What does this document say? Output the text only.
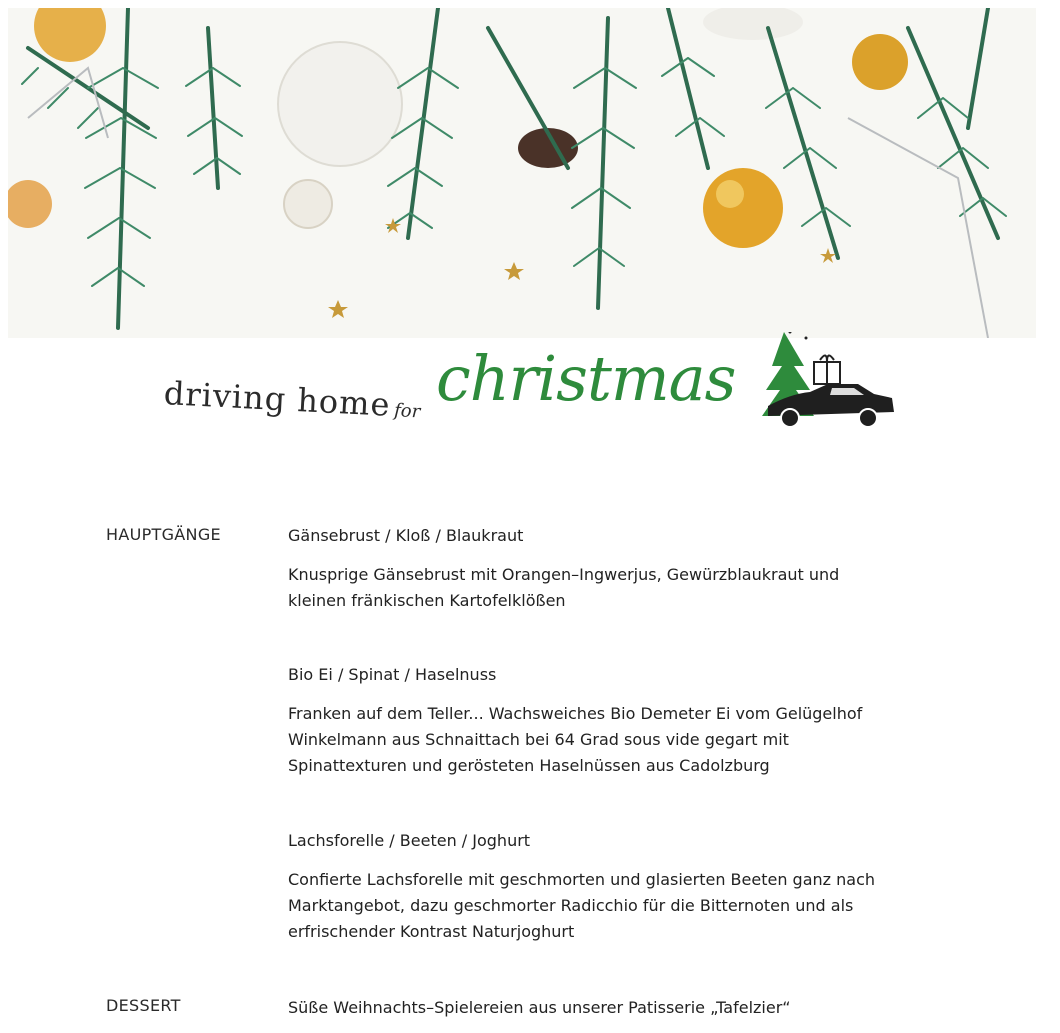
driving home for christmas
HAUPTGÄNGE	Gänsebrust / Kloß / Blaukraut
Knusprige Gänsebrust mit Orangen–Ingwerjus, Gewürzblaukraut und
kleinen fränkischen Kartofelklößen
Bio Ei / Spinat / Haselnuss
Franken auf dem Teller... Wachsweiches Bio Demeter Ei vom Gelügelhof
Winkelmann aus Schnaittach bei 64 Grad sous vide gegart mit
Spinattexturen und gerösteten Haselnüssen aus Cadolzburg
Lachsforelle / Beeten / Joghurt
Confierte Lachsforelle mit geschmorten und glasierten Beeten ganz nach
Marktangebot, dazu geschmorter Radicchio für die Bitternoten und als
erfrischender Kontrast Naturjoghurt
DESSERT	Süße Weihnachts–Spielereien aus unserer Patisserie „Tafelzier“
